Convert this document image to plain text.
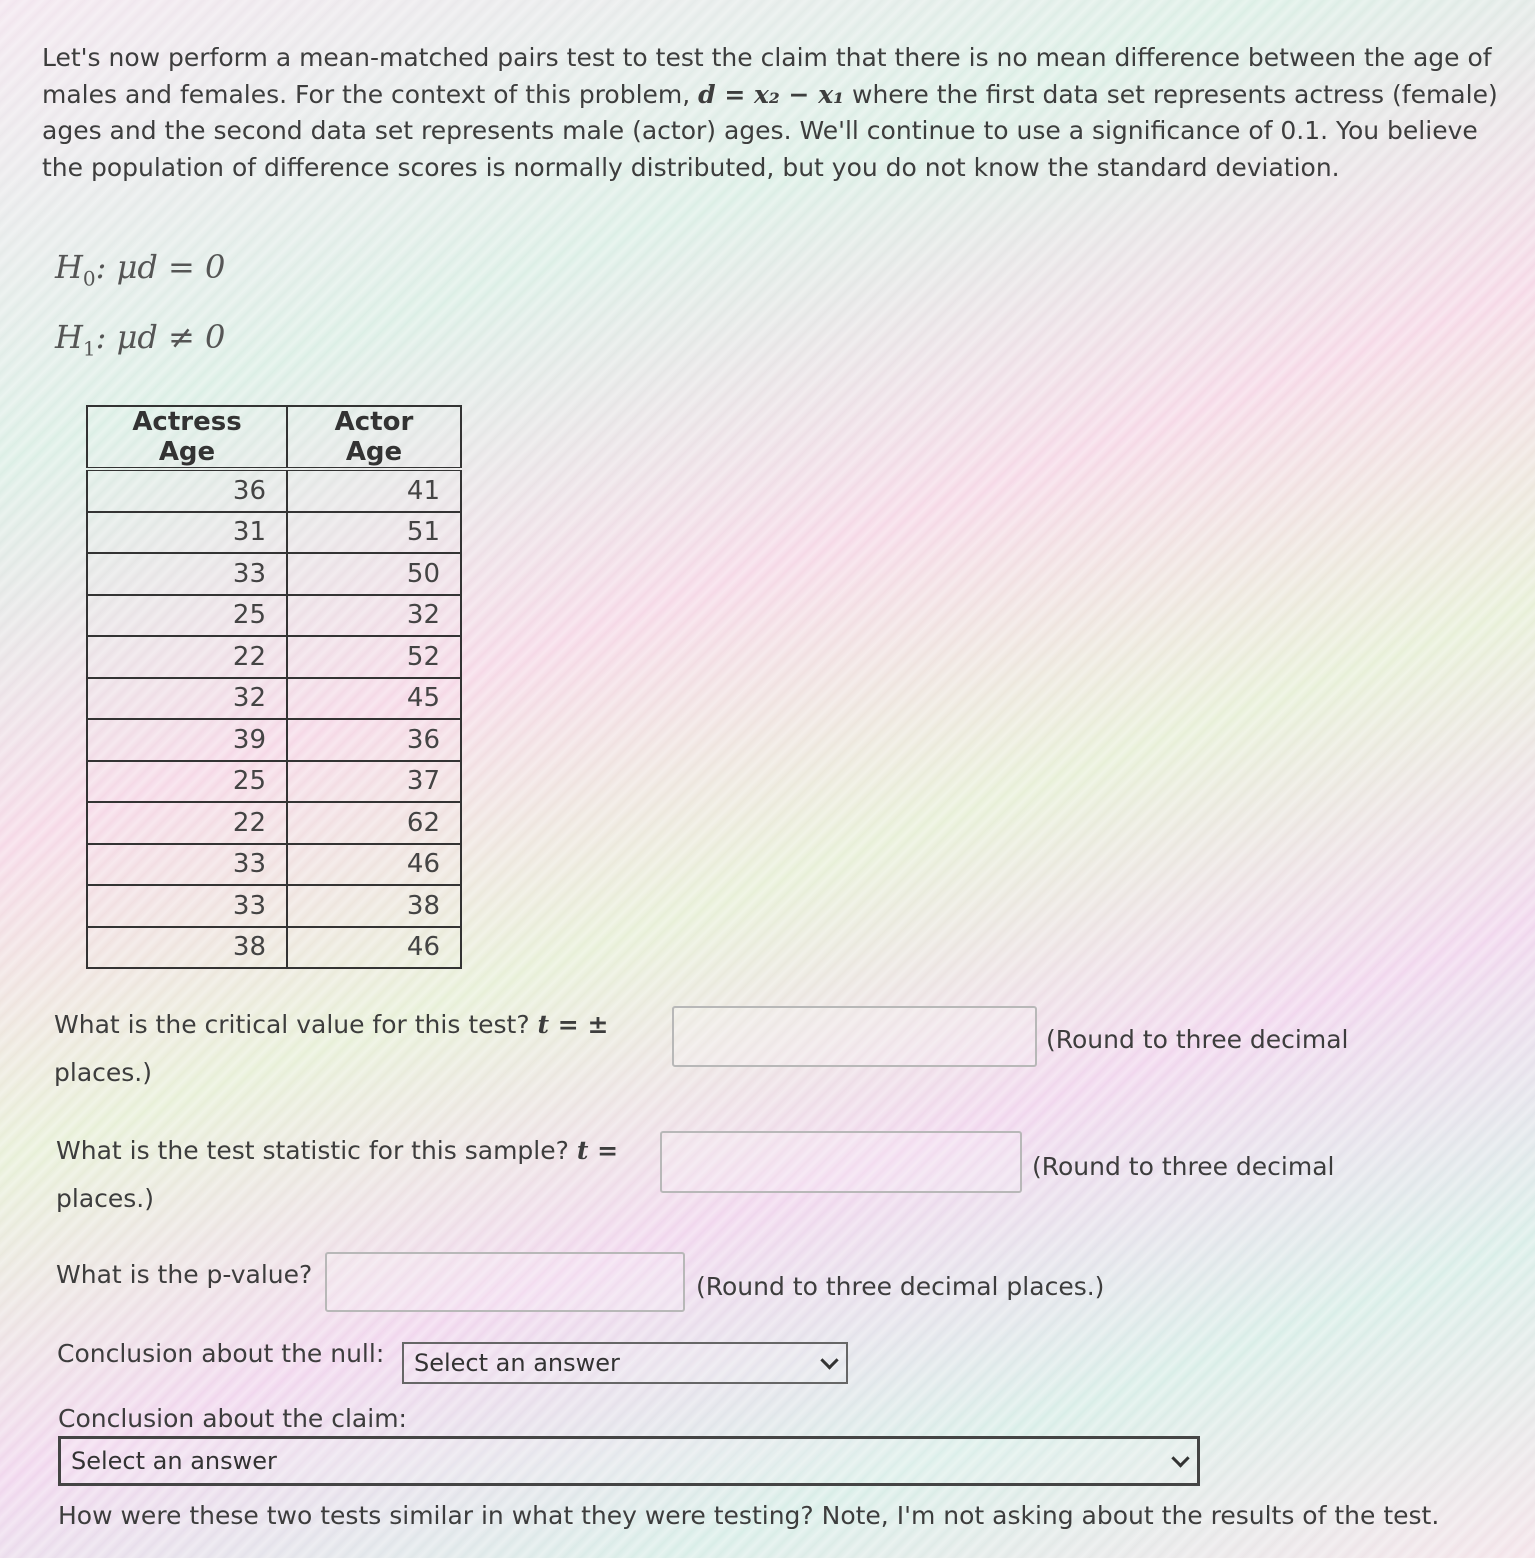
Let's now perform a mean-matched pairs test to test the claim that there is no mean difference between the age of males and females. For the context of this problem, d = x₂ − x₁ where the first data set represents actress (female) ages and the second data set represents male (actor) ages. We'll continue to use a significance of 0.1. You believe the population of difference scores is normally distributed, but you do not know the standard deviation.
$H_0$: μd = 0
$H_1$: μd ≠ 0
Actress Age	Actor Age
36	41
31	51
33	50
25	32
22	52
32	45
39	36
25	37
22	62
33	46
33	38
38	46
What is the critical value for this test? t = ±
(Round to three decimal
places.)
What is the test statistic for this sample? t =
(Round to three decimal
places.)
What is the p-value?	(Round to three decimal places.)
Conclusion about the null: Select an answer
Conclusion about the claim:
Select an answer
How were these two tests similar in what they were testing? Note, I'm not asking about the results of the test.
